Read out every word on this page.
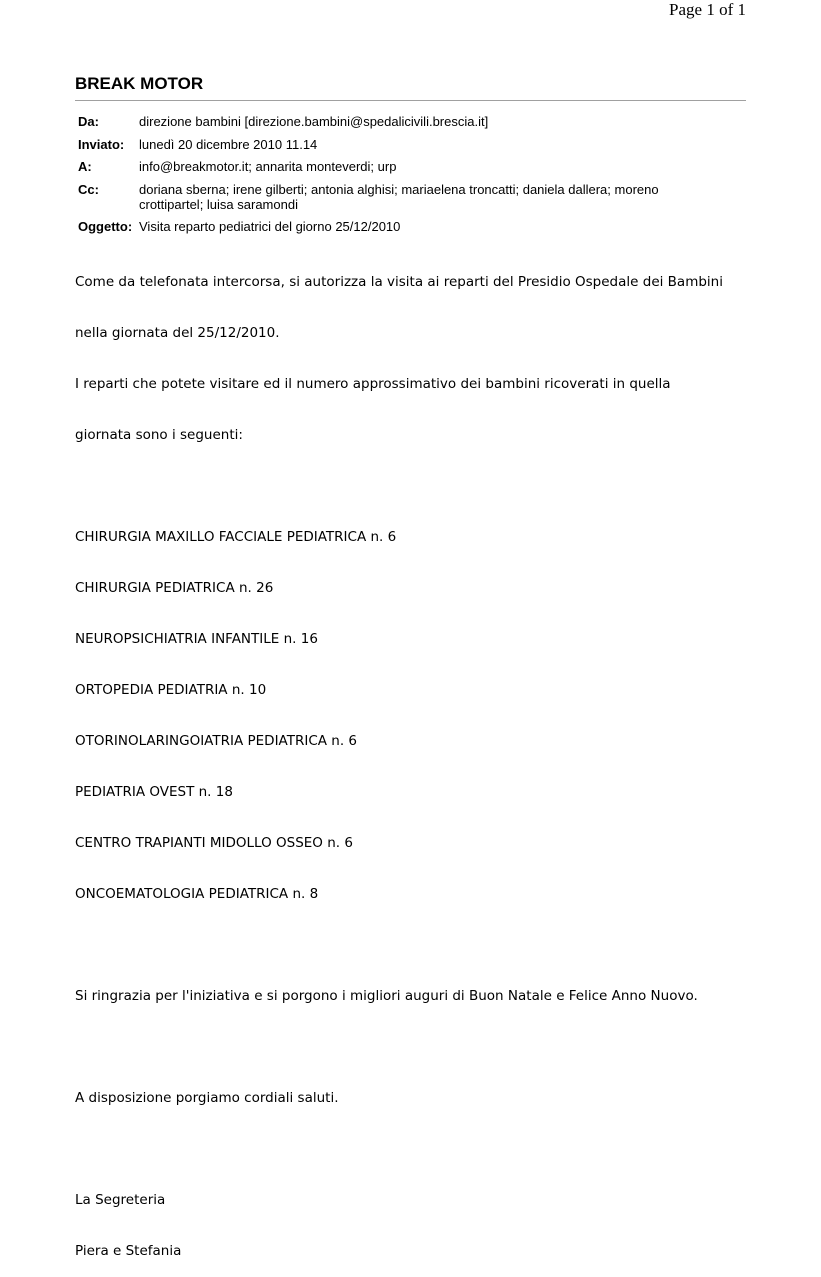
Page 1 of 1
BREAK MOTOR
Da:	direzione bambini [direzione.bambini@spedalicivili.brescia.it]
Inviato: lunedì 20 dicembre 2010 11.14
A:	info@breakmotor.it; annarita monteverdi; urp
Cc:	doriana sberna; irene gilberti; antonia alghisi; mariaelena troncatti; daniela dallera; moreno crottipartel; luisa saramondi
Oggetto: Visita reparto pediatrici del giorno 25/12/2010

Come da telefonata intercorsa, si autorizza la visita ai reparti del Presidio Ospedale dei Bambini

nella giornata del 25/12/2010.

I reparti che potete visitare ed il numero approssimativo dei bambini ricoverati in quella

giornata sono i seguenti:

CHIRURGIA MAXILLO FACCIALE PEDIATRICA n. 6

CHIRURGIA PEDIATRICA n. 26

NEUROPSICHIATRIA INFANTILE n. 16

ORTOPEDIA PEDIATRIA n. 10

OTORINOLARINGOIATRIA PEDIATRICA n. 6

PEDIATRIA OVEST n. 18

CENTRO TRAPIANTI MIDOLLO OSSEO n. 6

ONCOEMATOLOGIA PEDIATRICA n. 8

Si ringrazia per l'iniziativa e si porgono i migliori auguri di Buon Natale e Felice Anno Nuovo.

A disposizione porgiamo cordiali saluti.

La Segreteria

Piera e Stefania
